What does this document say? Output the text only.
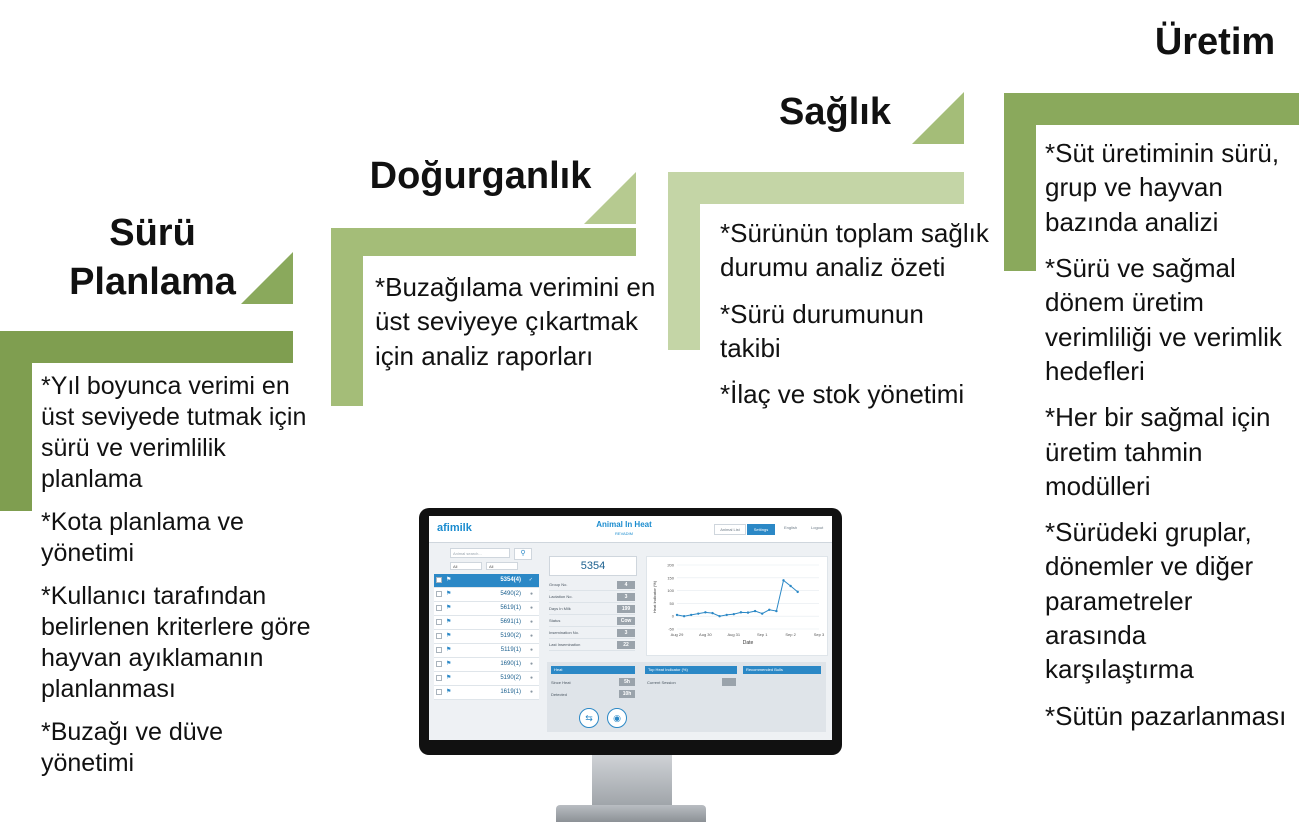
Sürü Planlama

*Yıl boyunca verimi en üst seviyede tutmak için sürü ve verimlilik planlama

*Kota planlama ve yönetimi

*Kullanıcı tarafından belirlenen kriterlere göre hayvan ayıklamanın planlanması

*Buzağı ve düve yönetimi

Doğurganlık

*Buzağılama verimini en üst seviyeye çıkartmak için analiz raporları

Sağlık

*Sürünün toplam sağlık durumu analiz özeti

*Sürü durumunun takibi

*İlaç ve stok yönetimi

Üretim

*Süt üretiminin sürü, grup ve hayvan bazında analizi

*Sürü ve sağmal dönem üretim verimliliği ve verimlik hedefleri

*Her bir sağmal için üretim tahmin modülleri

*Sürüdeki gruplar, dönemler ve diğer parametreler arasında karşılaştırma

*Sütün pazarlanması

afimilk	Animal In Heat
REVADIM
Animal List	Settings	English	Logout
Animal search...	⚲
All	All
⚑	5354(4) ✓
⚑	5490(2) ●
⚑	5619(1) ●
⚑	5691(1) ●
⚑	5190(2) ●
⚑	5119(1) ●
⚑	1690(1) ●
⚑	5190(2) ●
⚑	1619(1) ●
5354
Group No.	4
Lactation No.	3
Days In Milk	199
Status	Cow
Insemination No.	3
Last Insemination	22
200
150
100
50
0
-50
Aug 29	Aug 30	Aug 31	Sep 1	Sep 2	Sep 3
Heat Indicator (%)
Date
Heat	Top Heat Indicator (%)	Recommended Bulls
Since Heat	5h
Detected	10h
Current Session
⇆	◉
